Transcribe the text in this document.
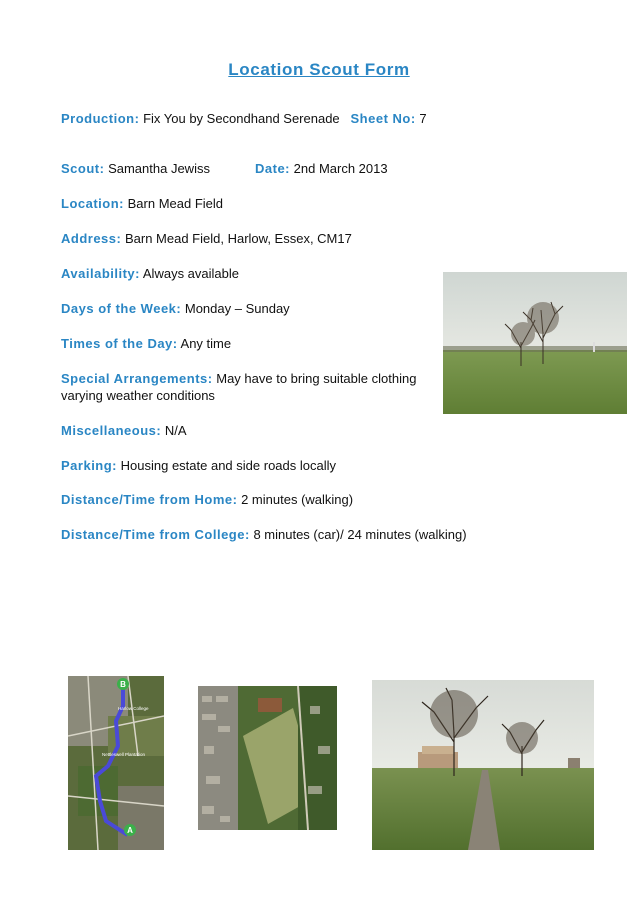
Location Scout Form
Production: Fix You by Secondhand Serenade Sheet No: 7
Scout: Samantha Jewiss	Date: 2nd March 2013
Location: Barn Mead Field
Address: Barn Mead Field, Harlow, Essex, CM17
Availability: Always available
Days of the Week: Monday – Sunday
Times of the Day: Any time
Special Arrangements: May have to bring suitable clothing
varying weather conditions
Miscellaneous: N/A
Parking: Housing estate and side roads locally
Distance/Time from Home: 2 minutes (walking)
Distance/Time from College: 8 minutes (car)/ 24 minutes (walking)
B
A
Harlow College
Nettleswell Plantation
